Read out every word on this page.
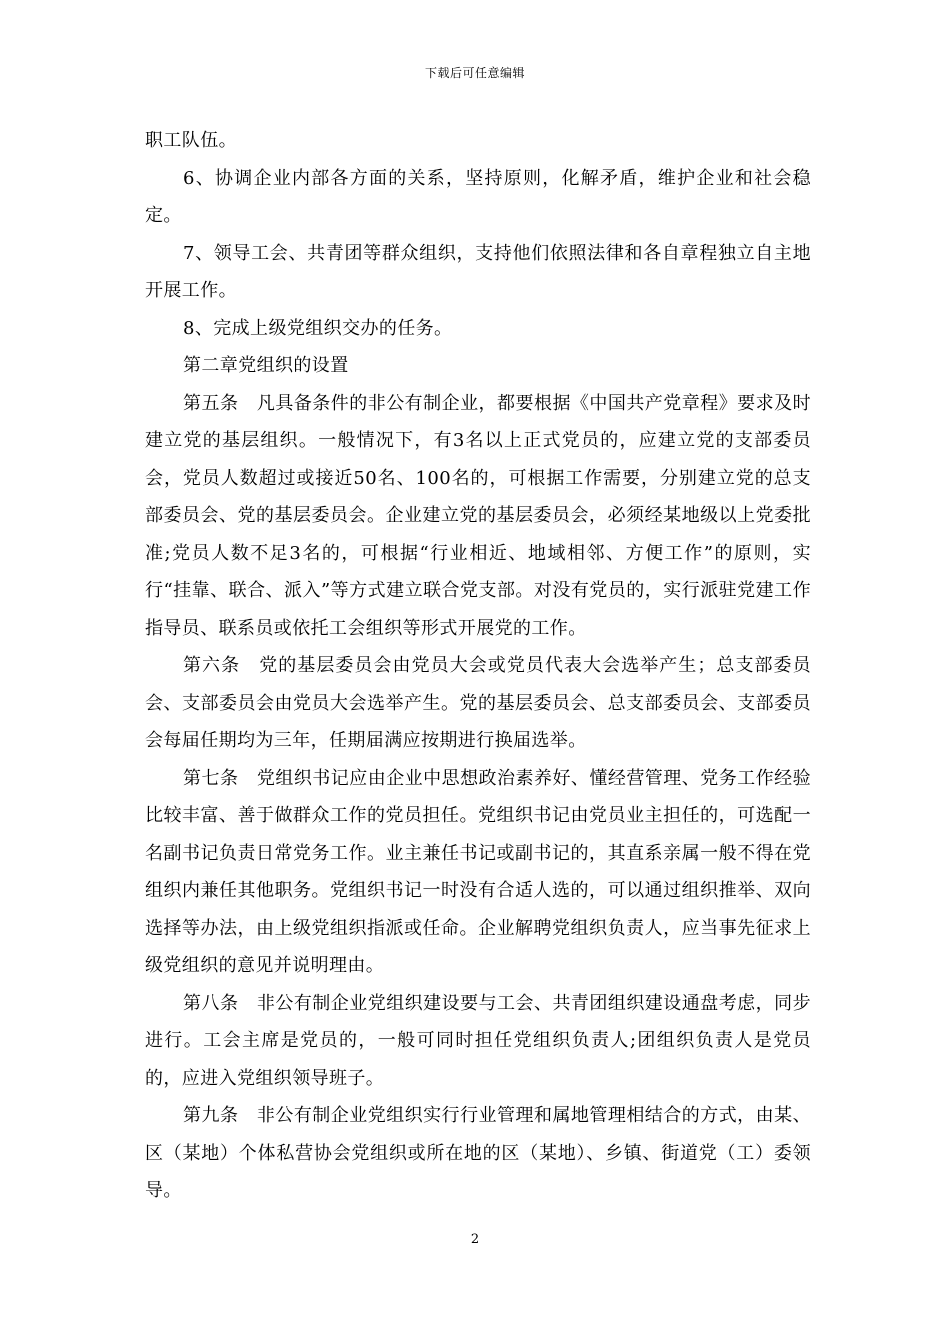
下载后可任意编辑

职工队伍。

6、协调企业内部各方面的关系，坚持原则，化解矛盾，维护企业和社会稳定。

7、领导工会、共青团等群众组织，支持他们依照法律和各自章程独立自主地开展工作。

8、完成上级党组织交办的任务。

第二章党组织的设置

第五条　凡具备条件的非公有制企业，都要根据《中国共产党章程》要求及时建立党的基层组织。一般情况下，有3名以上正式党员的，应建立党的支部委员会，党员人数超过或接近50名、100名的，可根据工作需要，分别建立党的总支部委员会、党的基层委员会。企业建立党的基层委员会，必须经某地级以上党委批准;党员人数不足3名的，可根据“行业相近、地域相邻、方便工作”的原则，实行“挂靠、联合、派入”等方式建立联合党支部。对没有党员的，实行派驻党建工作指导员、联系员或依托工会组织等形式开展党的工作。

第六条　党的基层委员会由党员大会或党员代表大会选举产生；总支部委员会、支部委员会由党员大会选举产生。党的基层委员会、总支部委员会、支部委员会每届任期均为三年，任期届满应按期进行换届选举。

第七条　党组织书记应由企业中思想政治素养好、懂经营管理、党务工作经验比较丰富、善于做群众工作的党员担任。党组织书记由党员业主担任的，可选配一名副书记负责日常党务工作。业主兼任书记或副书记的，其直系亲属一般不得在党组织内兼任其他职务。党组织书记一时没有合适人选的，可以通过组织推举、双向选择等办法，由上级党组织指派或任命。企业解聘党组织负责人，应当事先征求上级党组织的意见并说明理由。

第八条　非公有制企业党组织建设要与工会、共青团组织建设通盘考虑，同步进行。工会主席是党员的，一般可同时担任党组织负责人;团组织负责人是党员的，应进入党组织领导班子。

第九条　非公有制企业党组织实行行业管理和属地管理相结合的方式，由某、区（某地）个体私营协会党组织或所在地的区（某地）、乡镇、街道党（工）委领导。

2
